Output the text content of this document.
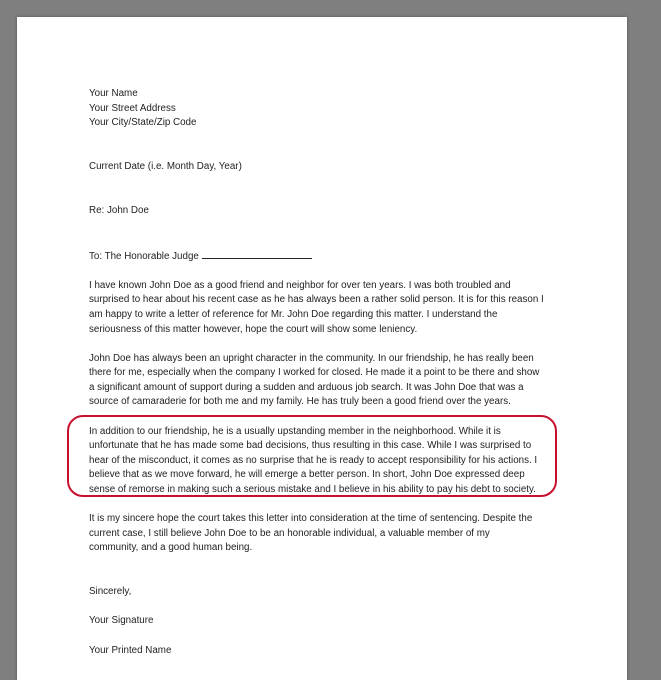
Your Name
Your Street Address
Your City/State/Zip Code
Current Date (i.e. Month Day, Year)
Re: John Doe
To: The Honorable Judge

I have known John Doe as a good friend and neighbor for over ten years. I was both troubled and
surprised to hear about his recent case as he has always been a rather solid person. It is for this reason I
am happy to write a letter of reference for Mr. John Doe regarding this matter. I understand the
seriousness of this matter however, hope the court will show some leniency.

John Doe has always been an upright character in the community. In our friendship, he has really been
there for me, especially when the company I worked for closed. He made it a point to be there and show
a significant amount of support during a sudden and arduous job search. It was John Doe that was a
source of camaraderie for both me and my family. He has truly been a good friend over the years.

In addition to our friendship, he is a usually upstanding member in the neighborhood. While it is
unfortunate that he has made some bad decisions, thus resulting in this case. While I was surprised to
hear of the misconduct, it comes as no surprise that he is ready to accept responsibility for his actions. I
believe that as we move forward, he will emerge a better person. In short, John Doe expressed deep
sense of remorse in making such a serious mistake and I believe in his ability to pay his debt to society.

It is my sincere hope the court takes this letter into consideration at the time of sentencing. Despite the
current case, I still believe John Doe to be an honorable individual, a valuable member of my
community, and a good human being.

Sincerely,
Your Signature
Your Printed Name
